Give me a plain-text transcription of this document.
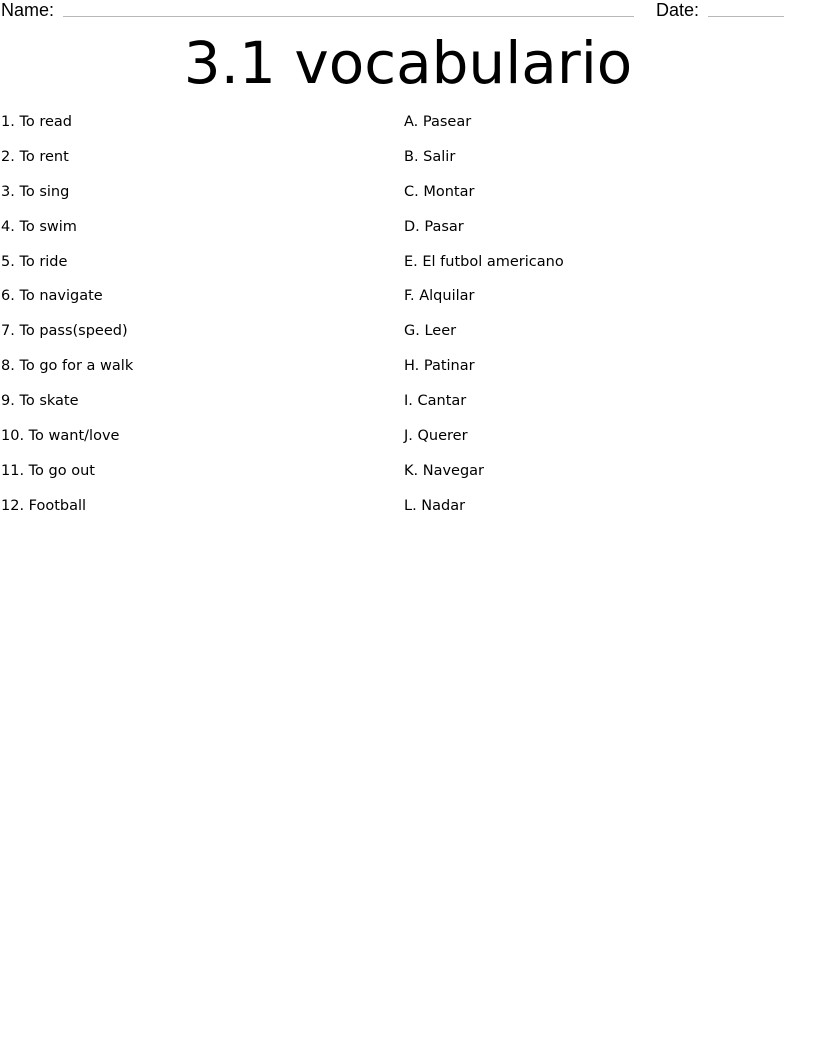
Name:	Date:
3.1 vocabulario
1. To read
2. To rent
3. To sing
4. To swim
5. To ride
6. To navigate
7. To pass(speed)
8. To go for a walk
9. To skate
10. To want/love
11. To go out
12. Football
A. Pasear
B. Salir
C. Montar
D. Pasar
E. El futbol americano
F. Alquilar
G. Leer
H. Patinar
I. Cantar
J. Querer
K. Navegar
L. Nadar
